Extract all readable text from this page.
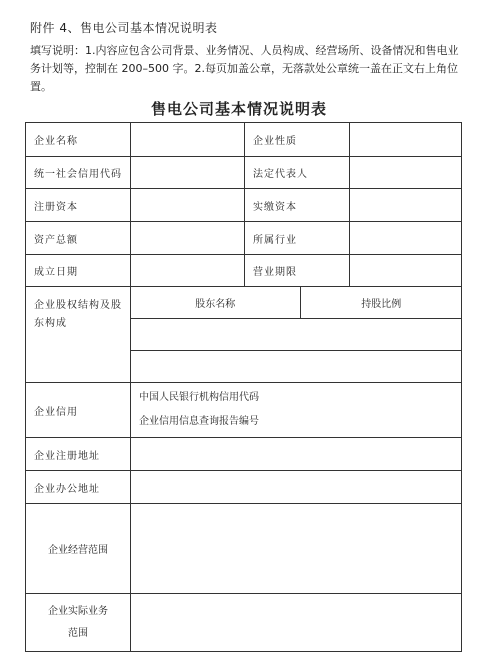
附件 4、售电公司基本情况说明表
填写说明：1.内容应包含公司背景、业务情况、人员构成、经营场所、设备情况和售电业务计划等，控制在 200–500 字。2.每页加盖公章，无落款处公章统一盖在正文右上角位置。
售电公司基本情况说明表
企业名称		企业性质	
统一社会信用代码		法定代表人	
注册资本		实缴资本	
资产总额		所属行业	
成立日期		营业期限	
企业股权结构及股东构成	
股东名称	持股比例

企业信用	
中国人民银行机构信用代码
企业信用信息查询报告编号

企业注册地址	
企业办公地址	
企业经营范围	
企业实际业务范围	
